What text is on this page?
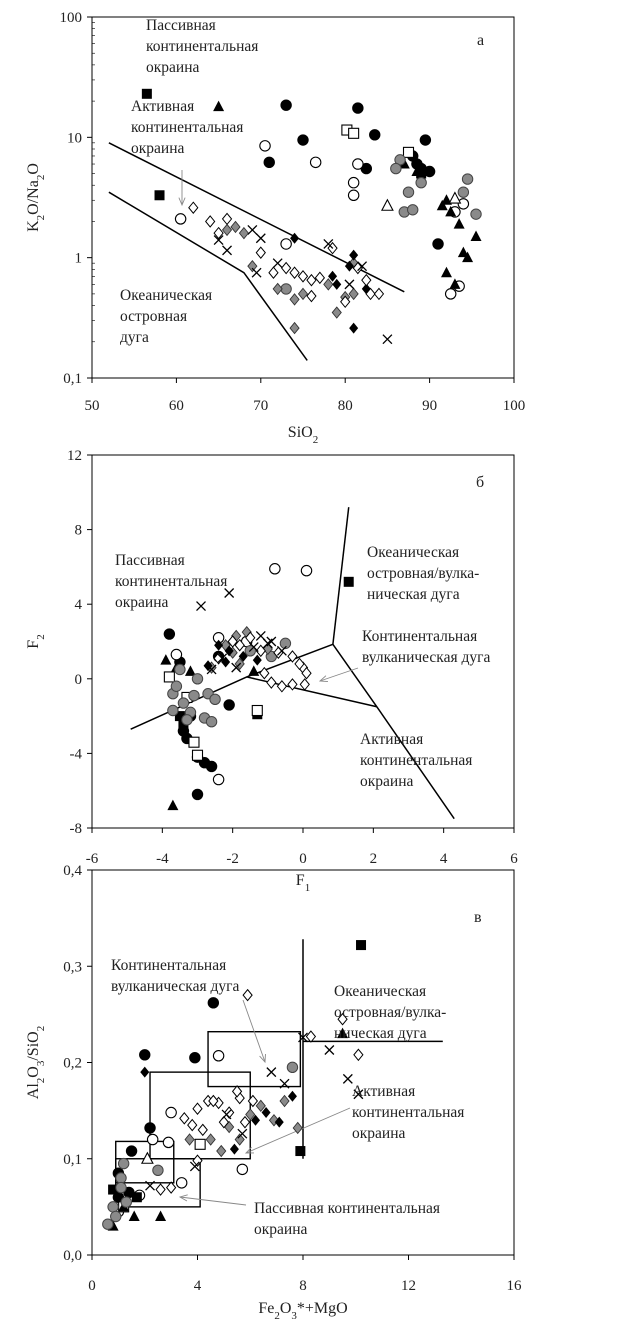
50	60	70	80	90	100
0,1
1
10
100
SiO$_2$
$K_2O/Na_2O$
а
Пассивная
континентальная
окраина
Активная
континентальная
окраина
Океаническая
островная
дуга
-6	-4	-2	0	2	4	6
-8
-4
0
4
8
12
$F_1$
$F_2$
б
Пассивная
континентальная
окраина
Океаническая
островная/вулка-
ническая дуга
Континентальная
вулканическая дуга
Активная
континентальная
окраина
0	4	8	12	16
0,0
0,1
0,2
0,3
0,4
$Fe_2O_3*+MgO$
$Al_2O_3/SiO_2$
в
Континентальная
вулканическая дуга	Океаническая
островная/вулка-
ническая дуга
Активная
континентальная
окраина
Пассивная континентальная
окраина
